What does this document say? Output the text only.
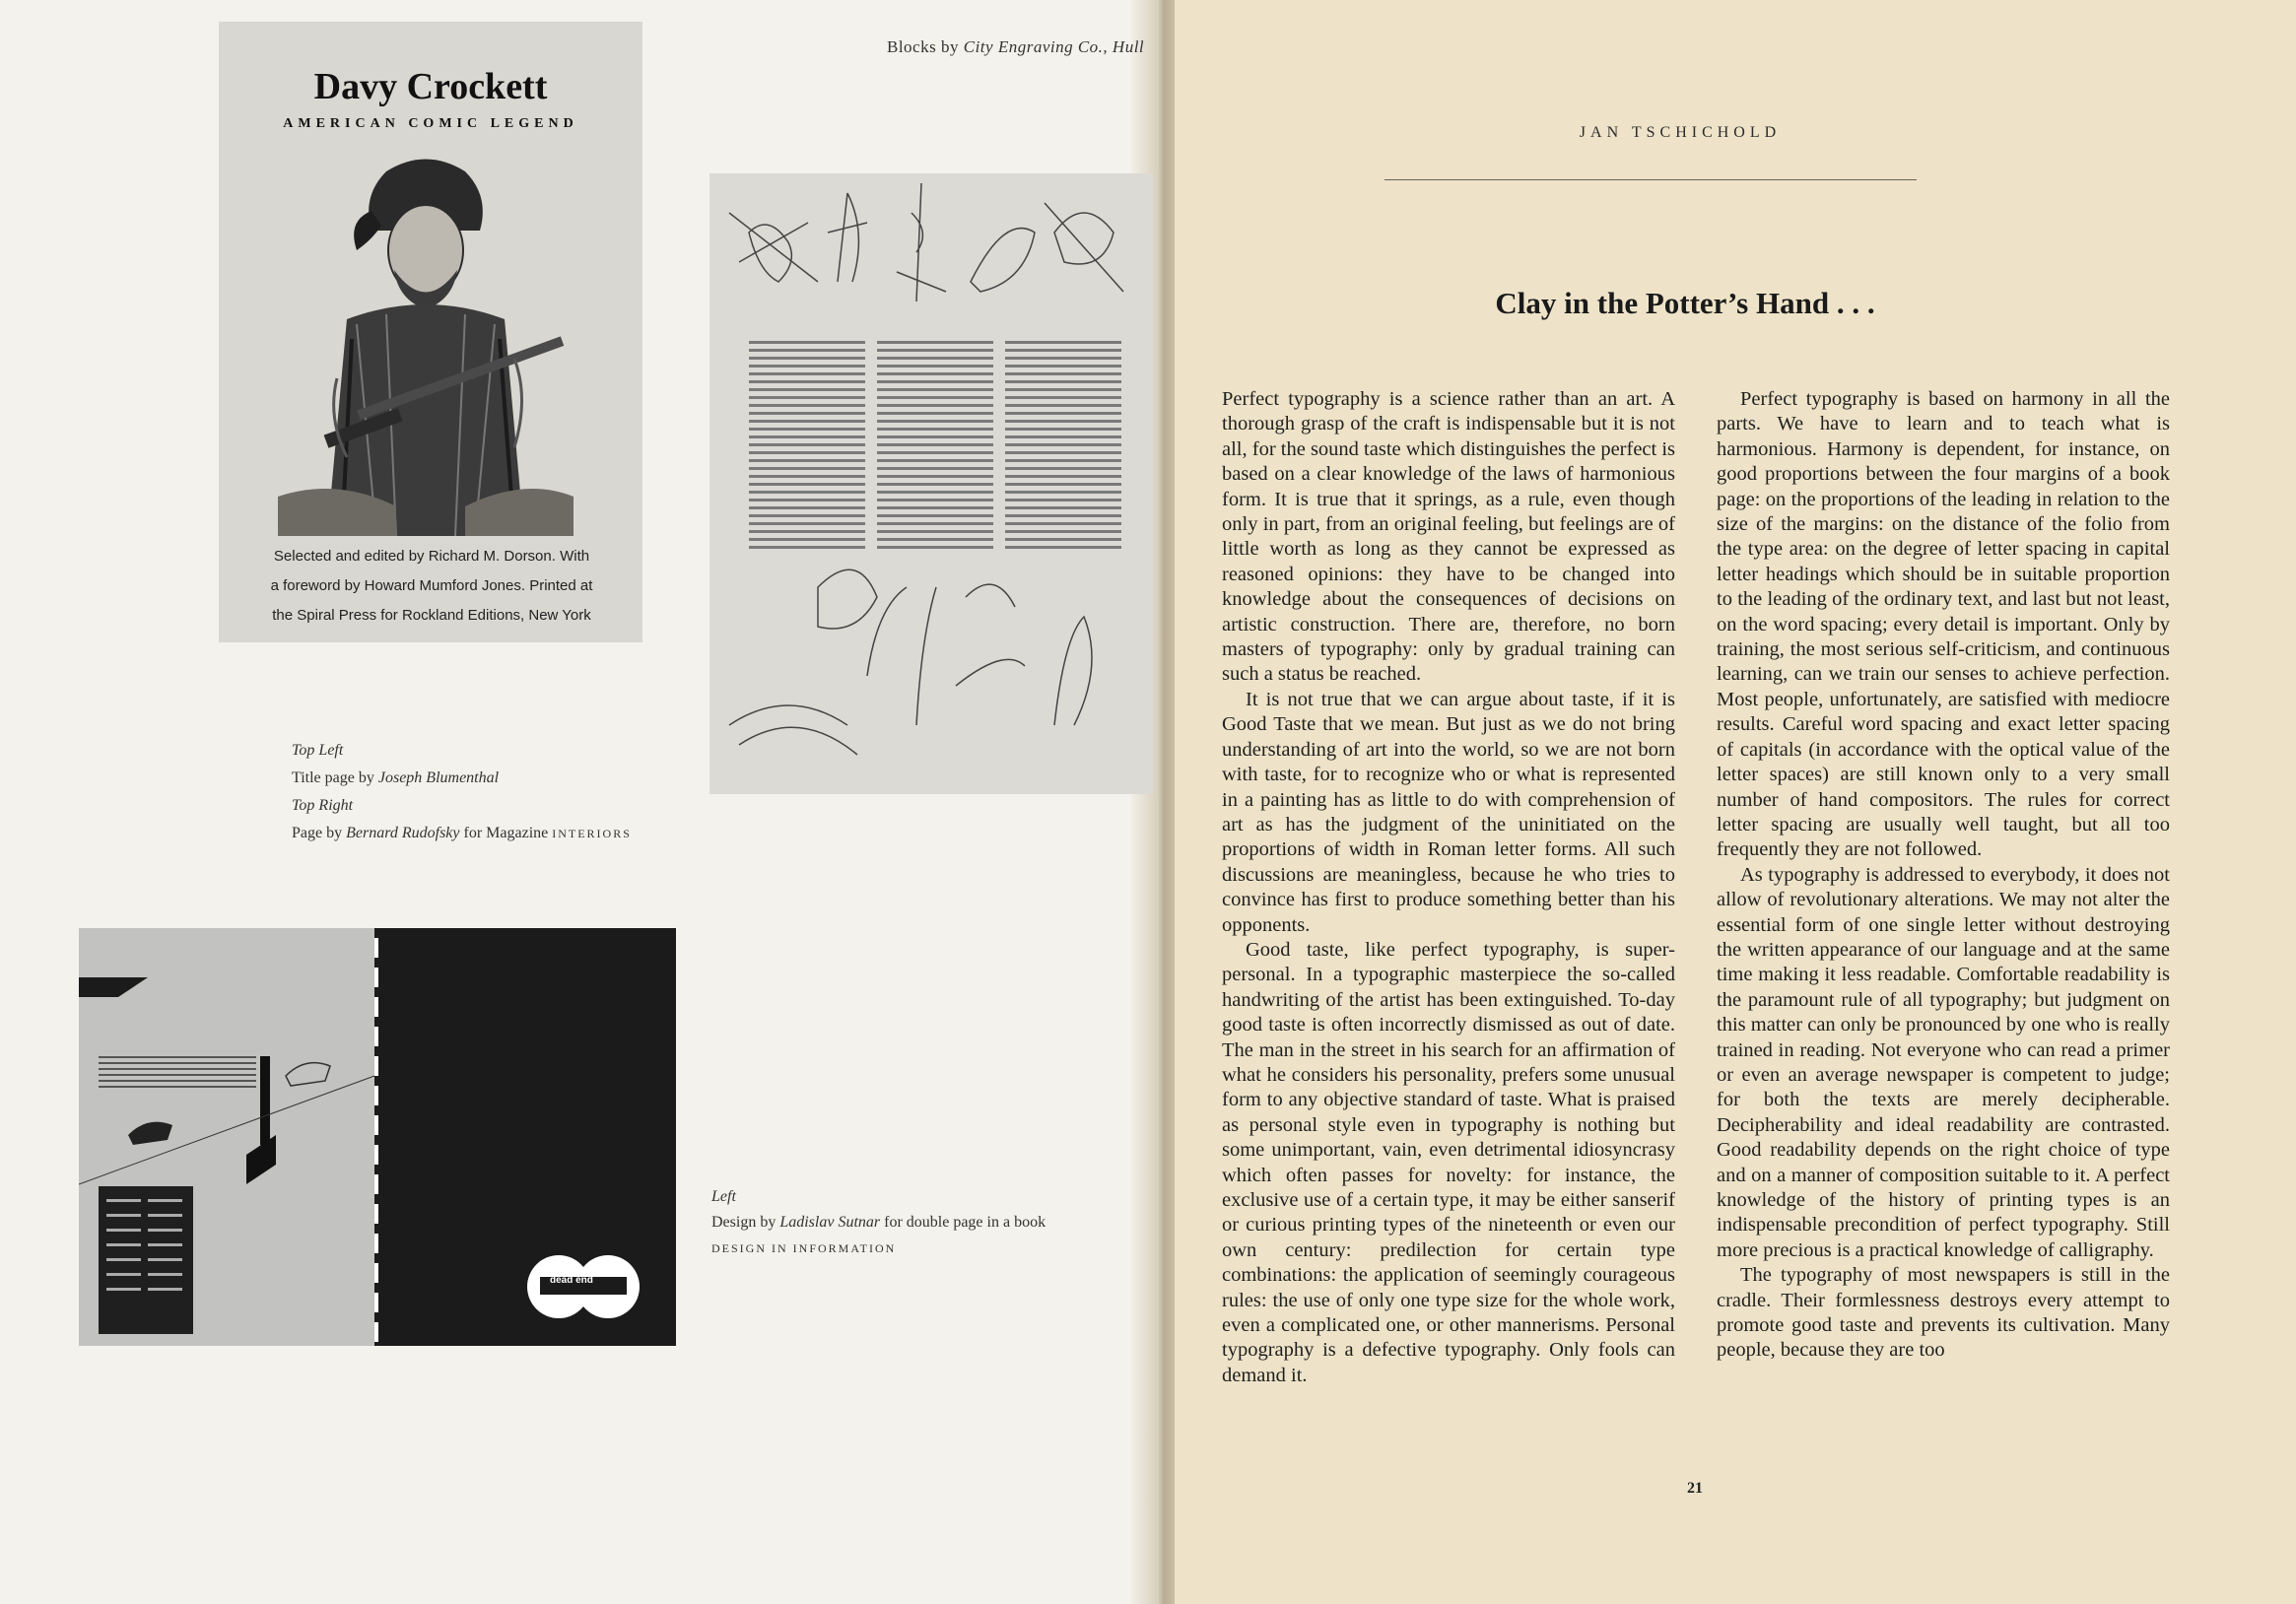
Blocks by City Engraving Co., Hull
Davy Crockett
AMERICAN COMIC LEGEND
Selected and edited by Richard M. Dorson. With
a foreword by Howard Mumford Jones. Printed at
the Spiral Press for Rockland Editions, New York
Top Left
Title page by Joseph Blumenthal
Top Right
Page by Bernard Rudofsky for Magazine INTERIORS
dead end
Left
Design by Ladislav Sutnar for double page in a book
DESIGN IN INFORMATION
JAN TSCHICHOLD
Clay in the Potter’s Hand . . .

Perfect typography is a science rather than an art. A thorough grasp of the craft is indispensable but it is not all, for the sound taste which distinguishes the perfect is based on a clear knowledge of the laws of harmonious form. It is true that it springs, as a rule, even though only in part, from an original feeling, but feelings are of little worth as long as they cannot be expressed as reasoned opinions: they have to be changed into knowledge about the consequences of decisions on artistic construction. There are, therefore, no born masters of typography: only by gradual training can such a status be reached.

It is not true that we can argue about taste, if it is Good Taste that we mean. But just as we do not bring understanding of art into the world, so we are not born with taste, for to recognize who or what is represented in a painting has as little to do with comprehension of art as has the judgment of the uninitiated on the proportions of width in Roman letter forms. All such discussions are meaningless, because he who tries to convince has first to produce something better than his opponents.

Good taste, like perfect typography, is super-personal. In a typographic masterpiece the so-called handwriting of the artist has been extinguished. To-day good taste is often incorrectly dismissed as out of date. The man in the street in his search for an affirmation of what he considers his personality, prefers some unusual form to any objective standard of taste. What is praised as personal style even in typography is nothing but some unimportant, vain, even detrimental idiosyncrasy which often passes for novelty: for instance, the exclusive use of a certain type, it may be either sanserif or curious printing types of the nineteenth or even our own century: predilection for certain type combinations: the application of seemingly courageous rules: the use of only one type size for the whole work, even a complicated one, or other mannerisms. Personal typography is a defective typography. Only fools can demand it.

Perfect typography is based on harmony in all the parts. We have to learn and to teach what is harmonious. Harmony is dependent, for instance, on good proportions between the four margins of a book page: on the proportions of the leading in relation to the size of the margins: on the distance of the folio from the type area: on the degree of letter spacing in capital letter headings which should be in suitable proportion to the leading of the ordinary text, and last but not least, on the word spacing; every detail is important. Only by training, the most serious self-criticism, and continuous learning, can we train our senses to achieve perfection. Most people, unfortunately, are satisfied with mediocre results. Careful word spacing and exact letter spacing of capitals (in accordance with the optical value of the letter spaces) are still known only to a very small number of hand compositors. The rules for correct letter spacing are usually well taught, but all too frequently they are not followed.

As typography is addressed to everybody, it does not allow of revolutionary alterations. We may not alter the essential form of one single letter without destroying the written appearance of our language and at the same time making it less readable. Comfortable readability is the paramount rule of all typography; but judgment on this matter can only be pronounced by one who is really trained in reading. Not everyone who can read a primer or even an average newspaper is competent to judge; for both the texts are merely decipherable. Decipherability and ideal readability are contrasted. Good readability depends on the right choice of type and on a manner of composition suitable to it. A perfect knowledge of the history of printing types is an indispensable precondition of perfect typography. Still more precious is a practical knowledge of calligraphy.

The typography of most newspapers is still in the cradle. Their formlessness destroys every attempt to promote good taste and prevents its cultivation. Many people, because they are too

21
